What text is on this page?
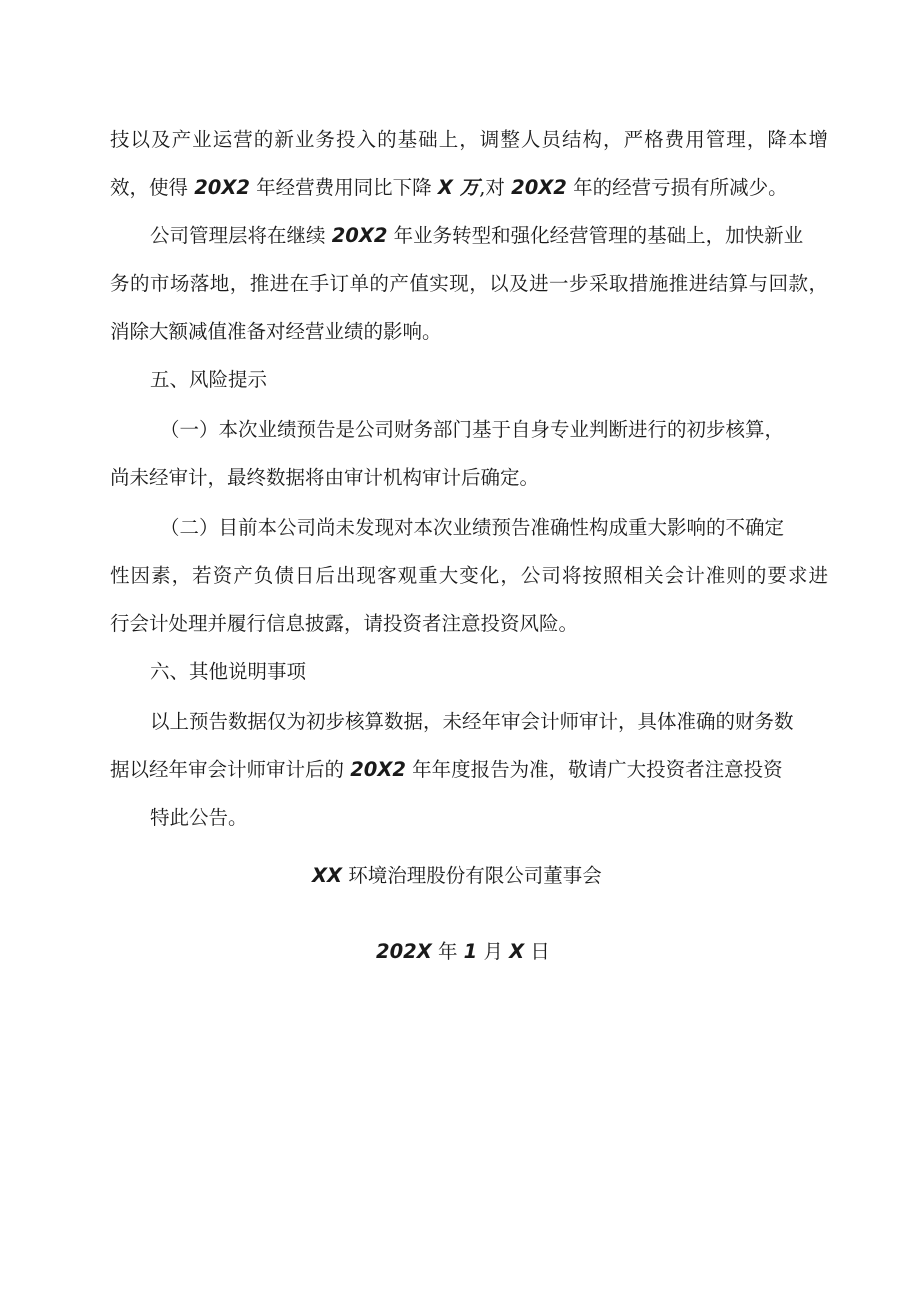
技以及产业运营的新业务投入的基础上，调整人员结构，严格费用管理，降本增
效，使得 20X2 年经营费用同比下降 X 万,对 20X2 年的经营亏损有所减少。
公司管理层将在继续 20X2 年业务转型和强化经营管理的基础上，加快新业
务的市场落地，推进在手订单的产值实现，以及进一步采取措施推进结算与回款，
消除大额减值准备对经营业绩的影响。
五、风险提示
（一）本次业绩预告是公司财务部门基于自身专业判断进行的初步核算，
尚未经审计，最终数据将由审计机构审计后确定。
（二）目前本公司尚未发现对本次业绩预告准确性构成重大影响的不确定
性因素，若资产负债日后出现客观重大变化，公司将按照相关会计准则的要求进
行会计处理并履行信息披露，请投资者注意投资风险。
六、其他说明事项
以上预告数据仅为初步核算数据，未经年审会计师审计，具体准确的财务数
据以经年审会计师审计后的 20X2 年年度报告为准，敬请广大投资者注意投资
特此公告。
XX 环境治理股份有限公司董事会
202X 年 1 月 X 日
